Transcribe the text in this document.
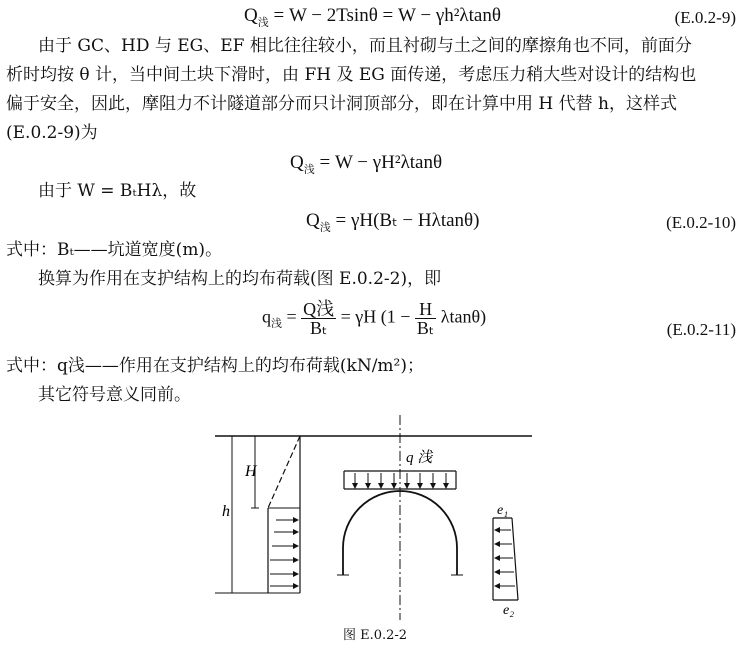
$Q_浅 = W - 2Tsin\theta = W - \gamma h^2\lambda\tan\theta$	(E.0.2-9)
由于 GC、HD 与 EG、EF 相比往往较小，而且衬砌与土之间的摩擦角也不同，前面分
析时均按 θ 计，当中间土块下滑时，由 FH 及 EG 面传递，考虑压力稍大些对设计的结构也
偏于安全，因此，摩阻力不计隧道部分而只计洞顶部分，即在计算中用 H 代替 h，这样式
(E.0.2-9)为
$Q_浅 = W - \gamma H^2\lambda\tan\theta$
由于 W = BₜHλ，故
$Q_浅 = \gamma H(B_t - H\lambda\tan\theta)$	(E.0.2-10)
式中：Bₜ——坑道宽度(m)。
换算为作用在支护结构上的均布荷载(图 E.0.2-2)，即
$q_浅 = \frac{\text{Q浅}}{\text{Bₜ}} = \gamma H$ $(1 - \frac{H}{\text{Bₜ}} \lambda\tan\theta)$
(E.0.2-11)
式中：q浅——作用在支护结构上的均布荷载(kN/m²)；
其它符号意义同前。
h
H
q 浅
e₁
e₂
图 E.0.2-2
